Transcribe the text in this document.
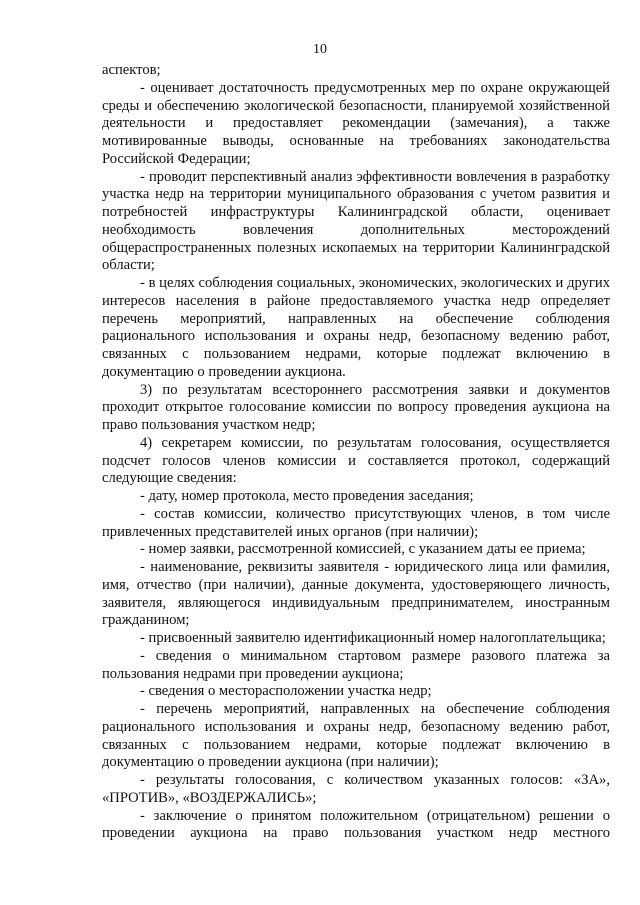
10

аспектов;

- оценивает достаточность предусмотренных мер по охране окружающей среды и обеспечению экологической безопасности, планируемой хозяйственной деятельности и предоставляет рекомендации (замечания), а также мотивированные выводы, основанные на требованиях законодательства Российской Федерации;

- проводит перспективный анализ эффективности вовлечения в разработку участка недр на территории муниципального образования с учетом развития и потребностей инфраструктуры Калининградской области, оценивает необходимость вовлечения дополнительных месторождений общераспространенных полезных ископаемых на территории Калининградской области;

- в целях соблюдения социальных, экономических, экологических и других интересов населения в районе предоставляемого участка недр определяет перечень мероприятий, направленных на обеспечение соблюдения рационального использования и охраны недр, безопасному ведению работ, связанных с пользованием недрами, которые подлежат включению в документацию о проведении аукциона.

3) по результатам всестороннего рассмотрения заявки и документов проходит открытое голосование комиссии по вопросу проведения аукциона на право пользования участком недр;

4) секретарем комиссии, по результатам голосования, осуществляется подсчет голосов членов комиссии и составляется протокол, содержащий следующие сведения:

- дату, номер протокола, место проведения заседания;

- состав комиссии, количество присутствующих членов, в том числе привлеченных представителей иных органов (при наличии);

- номер заявки, рассмотренной комиссией, с указанием даты ее приема;

- наименование, реквизиты заявителя - юридического лица или фамилия, имя, отчество (при наличии), данные документа, удостоверяющего личность, заявителя, являющегося индивидуальным предпринимателем, иностранным гражданином;

- присвоенный заявителю идентификационный номер налогоплательщика;

- сведения о минимальном стартовом размере разового платежа за пользования недрами при проведении аукциона;

- сведения о месторасположении участка недр;

- перечень мероприятий, направленных на обеспечение соблюдения рационального использования и охраны недр, безопасному ведению работ, связанных с пользованием недрами, которые подлежат включению в документацию о проведении аукциона (при наличии);

- результаты голосования, с количеством указанных голосов: «ЗА», «ПРОТИВ», «ВОЗДЕРЖАЛИСЬ»;

- заключение о принятом положительном (отрицательном) решении о проведении аукциона на право пользования участком недр местного
